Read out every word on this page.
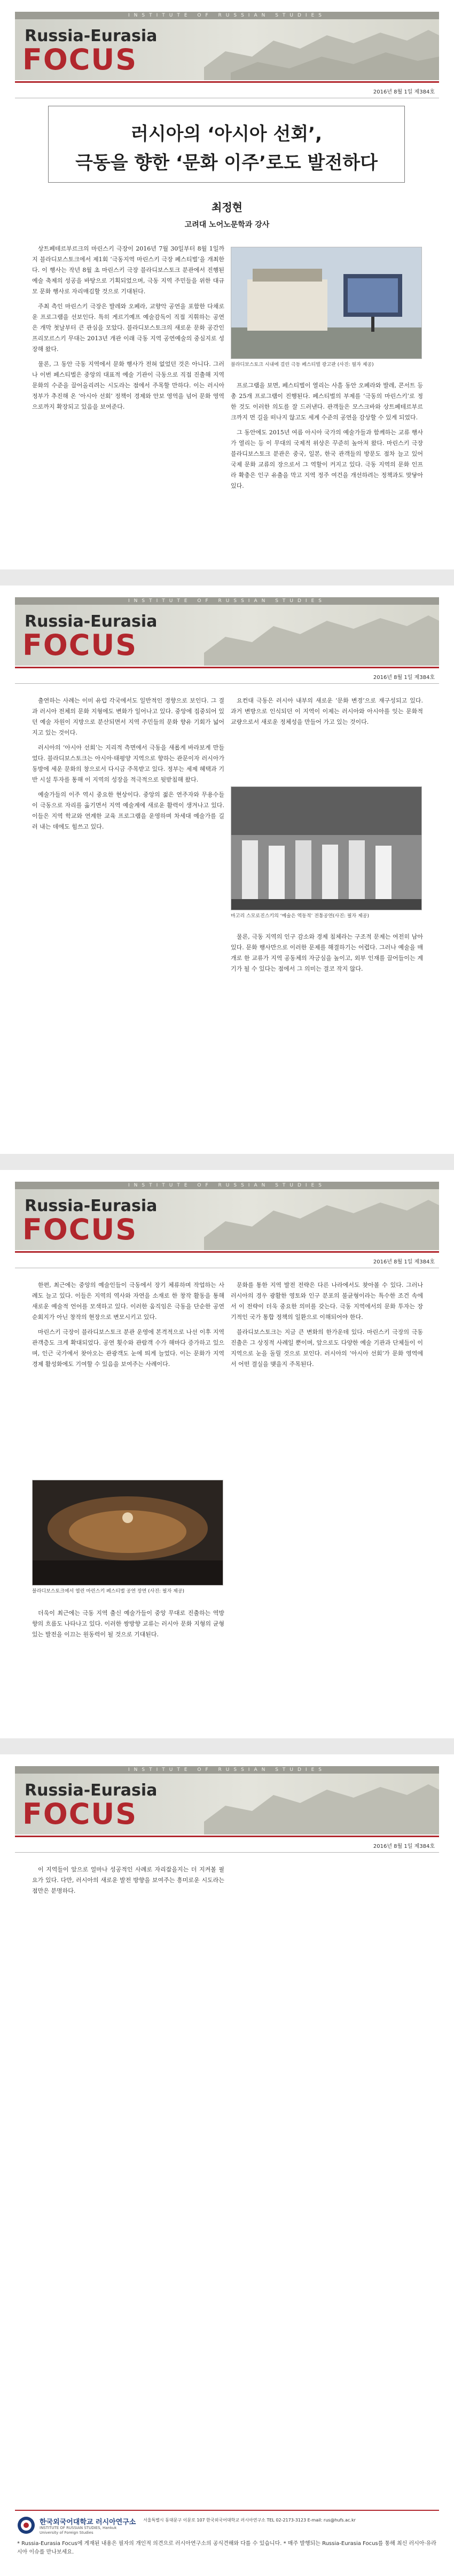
INSTITUTE OF RUSSIAN STUDIES
Russia-Eurasia
FOCUS
2016년 8월 1일 제384호
러시아의 ‘아시아 선회’,
극동을 향한 ‘문화 이주’로도 발전하다
최정현
고려대 노어노문학과 강사

상트페테르부르크의 마린스키 극장이 2016년 7월 30일부터 8월 1일까지 블라디보스토크에서 제1회 ‘극동지역 마린스키 극장 페스티벌’을 개최한다. 이 행사는 작년 8월 초 마린스키 극장 블라디보스토크 분관에서 진행된 예술 축제의 성공을 바탕으로 기획되었으며, 극동 지역 주민들을 위한 대규모 문화 행사로 자리매김할 것으로 기대된다.

주최 측인 마린스키 극장은 발레와 오페라, 교향악 공연을 포함한 다채로운 프로그램을 선보인다. 특히 게르기예프 예술감독이 직접 지휘하는 공연은 개막 첫날부터 큰 관심을 모았다. 블라디보스토크의 새로운 문화 공간인 프리모르스키 무대는 2013년 개관 이래 극동 지역 공연예술의 중심지로 성장해 왔다.

물론, 그 동안 극동 지역에서 문화 행사가 전혀 없었던 것은 아니다. 그러나 이번 페스티벌은 중앙의 대표적 예술 기관이 극동으로 직접 진출해 지역 문화의 수준을 끌어올리려는 시도라는 점에서 주목할 만하다. 이는 러시아 정부가 추진해 온 ‘아시아 선회’ 정책이 경제와 안보 영역을 넘어 문화 영역으로까지 확장되고 있음을 보여준다.

블라디보스토크 시내에 걸린 극동 페스티벌 광고판 (사진: 필자 제공)

프로그램을 보면, 페스티벌이 열리는 사흘 동안 오페라와 발레, 콘서트 등 총 25개 프로그램이 진행된다. 페스티벌의 부제를 ‘극동의 마린스키’로 정한 것도 이러한 의도를 잘 드러낸다. 관객들은 모스크바와 상트페테르부르크까지 먼 길을 떠나지 않고도 세계 수준의 공연을 감상할 수 있게 되었다.

그 동안에도 2015년 여름 아시아 국가의 예술가들과 함께하는 교류 행사가 열리는 등 이 무대의 국제적 위상은 꾸준히 높아져 왔다. 마린스키 극장 블라디보스토크 분관은 중국, 일본, 한국 관객들의 방문도 점차 늘고 있어 국제 문화 교류의 장으로서 그 역할이 커지고 있다. 극동 지역의 문화 인프라 확충은 인구 유출을 막고 지역 정주 여건을 개선하려는 정책과도 맞닿아 있다.

INSTITUTE OF RUSSIAN STUDIES
Russia-Eurasia
FOCUS
2016년 8월 1일 제384호

출연하는 사례는 이미 유럽 각국에서도 일반적인 경향으로 보인다. 그 결과 러시아 전체의 문화 지형에도 변화가 일어나고 있다. 중앙에 집중되어 있던 예술 자원이 지방으로 분산되면서 지역 주민들의 문화 향유 기회가 넓어지고 있는 것이다.

러시아의 ‘아시아 선회’는 지리적 측면에서 극동을 새롭게 바라보게 만들었다. 블라디보스토크는 아시아·태평양 지역으로 향하는 관문이자 러시아가 동방에 세운 문화의 창으로서 다시금 주목받고 있다. 정부는 세제 혜택과 기반 시설 투자를 통해 이 지역의 성장을 적극적으로 뒷받침해 왔다.

예술가들의 이주 역시 중요한 현상이다. 중앙의 젊은 연주자와 무용수들이 극동으로 자리를 옮기면서 지역 예술계에 새로운 활력이 생겨나고 있다. 이들은 지역 학교와 연계한 교육 프로그램을 운영하며 차세대 예술가를 길러 내는 데에도 힘쓰고 있다.

요컨대 극동은 러시아 내부의 새로운 ‘문화 변경’으로 재구성되고 있다. 과거 변방으로 인식되던 이 지역이 이제는 러시아와 아시아를 잇는 문화적 교량으로서 새로운 정체성을 만들어 가고 있는 것이다.

마고리 스모로진스키의 ‘예술은 역동적’ 전통공연(사진: 필자 제공)

물론, 극동 지역의 인구 감소와 경제 침체라는 구조적 문제는 여전히 남아 있다. 문화 행사만으로 이러한 문제를 해결하기는 어렵다. 그러나 예술을 매개로 한 교류가 지역 공동체의 자긍심을 높이고, 외부 인재를 끌어들이는 계기가 될 수 있다는 점에서 그 의미는 결코 작지 않다.

INSTITUTE OF RUSSIAN STUDIES
Russia-Eurasia
FOCUS
2016년 8월 1일 제384호

한편, 최근에는 중앙의 예술인들이 극동에서 장기 체류하며 작업하는 사례도 늘고 있다. 이들은 지역의 역사와 자연을 소재로 한 창작 활동을 통해 새로운 예술적 언어를 모색하고 있다. 이러한 움직임은 극동을 단순한 공연 순회지가 아닌 창작의 현장으로 변모시키고 있다.

마린스키 극장이 블라디보스토크 분관 운영에 본격적으로 나선 이후 지역 관객층도 크게 확대되었다. 공연 횟수와 관람객 수가 해마다 증가하고 있으며, 인근 국가에서 찾아오는 관광객도 눈에 띄게 늘었다. 이는 문화가 지역 경제 활성화에도 기여할 수 있음을 보여주는 사례이다.

블라디보스토크에서 열린 마린스키 페스티벌 공연 장면 (사진: 필자 제공)

더욱이 최근에는 극동 지역 출신 예술가들이 중앙 무대로 진출하는 역방향의 흐름도 나타나고 있다. 이러한 쌍방향 교류는 러시아 문화 지형의 균형 있는 발전을 이끄는 원동력이 될 것으로 기대된다.

문화를 통한 지역 발전 전략은 다른 나라에서도 찾아볼 수 있다. 그러나 러시아의 경우 광활한 영토와 인구 분포의 불균형이라는 특수한 조건 속에서 이 전략이 더욱 중요한 의미를 갖는다. 극동 지역에서의 문화 투자는 장기적인 국가 통합 정책의 일환으로 이해되어야 한다.

블라디보스토크는 지금 큰 변화의 한가운데 있다. 마린스키 극장의 극동 진출은 그 상징적 사례일 뿐이며, 앞으로도 다양한 예술 기관과 단체들이 이 지역으로 눈을 돌릴 것으로 보인다. 러시아의 ‘아시아 선회’가 문화 영역에서 어떤 결실을 맺을지 주목된다.

INSTITUTE OF RUSSIAN STUDIES
Russia-Eurasia
FOCUS
2016년 8월 1일 제384호

이 지역들이 앞으로 얼마나 성공적인 사례로 자리잡을지는 더 지켜볼 필요가 있다. 다만, 러시아의 새로운 발전 방향을 보여주는 흥미로운 시도라는 점만은 분명하다.

한국외국어대학교 러시아연구소
INSTITUTE OF RUSSIAN STUDIES, Hankuk University of Foreign Studies
서울특별시 동대문구 이문로 107 한국외국어대학교 러시아연구소 TEL 02-2173-3123 E-mail: rus@hufs.ac.kr
* Russia-Eurasia Focus에 게재된 내용은 필자의 개인적 의견으로 러시아연구소의 공식견해와 다를 수 있습니다. * 매주 발행되는 Russia-Eurasia Focus를 통해 최신 러시아·유라시아 이슈를 만나보세요.
